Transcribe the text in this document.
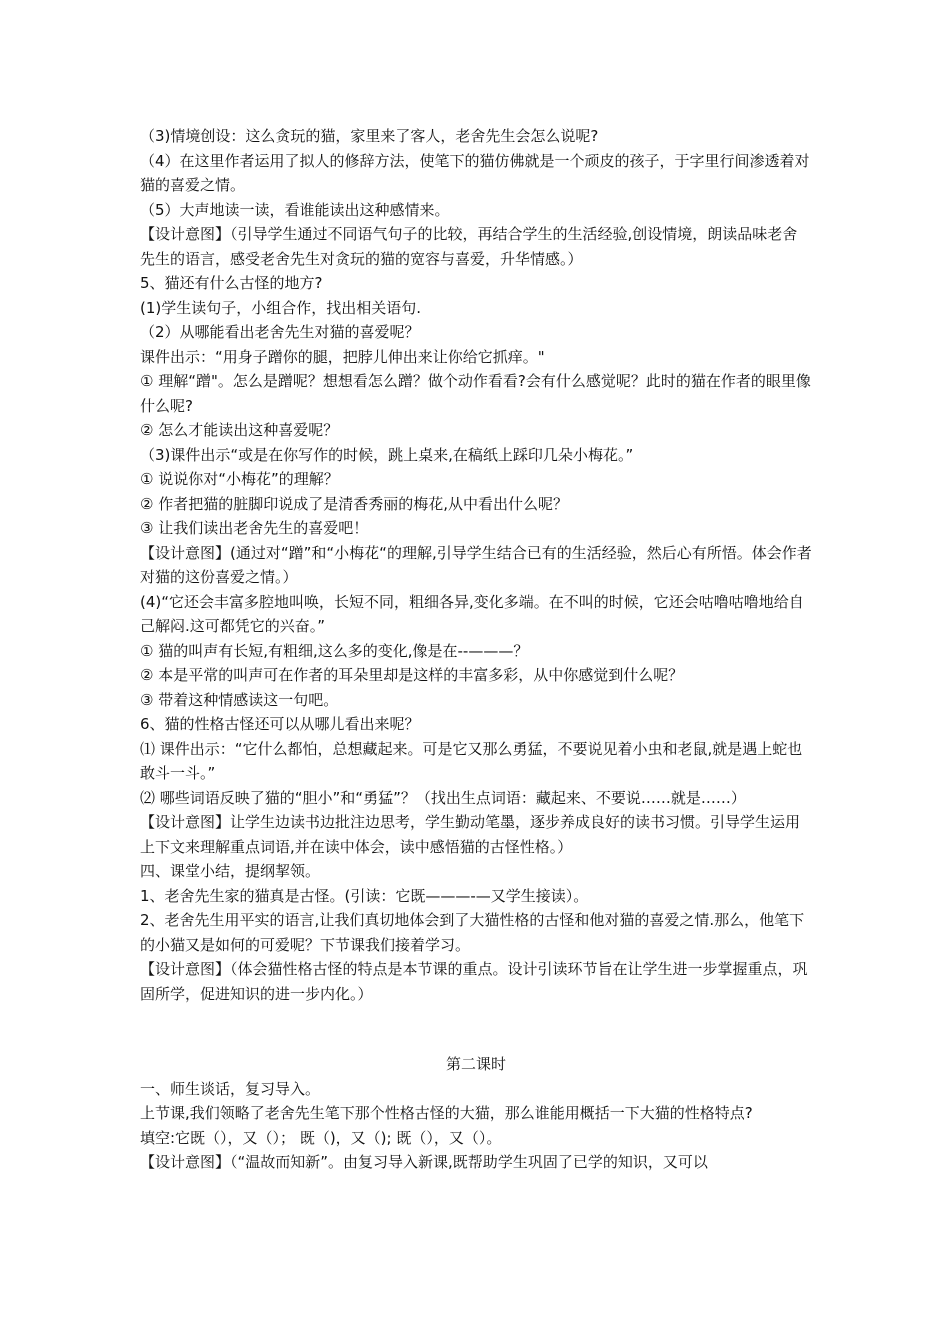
（3)情境创设：这么贪玩的猫，家里来了客人，老舍先生会怎么说呢?

（4）在这里作者运用了拟人的修辞方法，使笔下的猫仿佛就是一个顽皮的孩子，于字里行间渗透着对猫的喜爱之情。

（5）大声地读一读，看谁能读出这种感情来。

【设计意图】（引导学生通过不同语气句子的比较，再结合学生的生活经验,创设情境，朗读品味老舍先生的语言，感受老舍先生对贪玩的猫的宽容与喜爱，升华情感。）

5、猫还有什么古怪的地方?

(1)学生读句子，小组合作，找出相关语句.

（2）从哪能看出老舍先生对猫的喜爱呢？

课件出示：“用身子蹭你的腿，把脖儿伸出来让你给它抓痒。"

① 理解“蹭"。怎么是蹭呢？想想看怎么蹭？做个动作看看?会有什么感觉呢？此时的猫在作者的眼里像什么呢?

② 怎么才能读出这种喜爱呢？

（3)课件出示“或是在你写作的时候，跳上桌来,在稿纸上踩印几朵小梅花。”

① 说说你对“小梅花”的理解？

② 作者把猫的脏脚印说成了是清香秀丽的梅花,从中看出什么呢？

③ 让我们读出老舍先生的喜爱吧！

【设计意图】(通过对“蹭”和“小梅花“的理解,引导学生结合已有的生活经验，然后心有所悟。体会作者对猫的这份喜爱之情。）

(4)“它还会丰富多腔地叫唤，长短不同，粗细各异,变化多端。在不叫的时候，它还会咕噜咕噜地给自己解闷.这可都凭它的兴奋。”

① 猫的叫声有长短,有粗细,这么多的变化,像是在--———？

② 本是平常的叫声可在作者的耳朵里却是这样的丰富多彩，从中你感觉到什么呢？

③ 带着这种情感读这一句吧。

6、猫的性格古怪还可以从哪儿看出来呢？

⑴ 课件出示：“它什么都怕，总想藏起来。可是它又那么勇猛，不要说见着小虫和老鼠,就是遇上蛇也敢斗一斗。”

⑵ 哪些词语反映了猫的“胆小”和“勇猛”？（找出生点词语：藏起来、不要说……就是……）

【设计意图】让学生边读书边批注边思考，学生勤动笔墨，逐步养成良好的读书习惯。引导学生运用上下文来理解重点词语,并在读中体会，读中感悟猫的古怪性格。）

四、课堂小结，提纲挈领。

1、老舍先生家的猫真是古怪。(引读：它既———-—又学生接读）。

2、老舍先生用平实的语言,让我们真切地体会到了大猫性格的古怪和他对猫的喜爱之情.那么，他笔下的小猫又是如何的可爱呢？下节课我们接着学习。

【设计意图】（体会猫性格古怪的特点是本节课的重点。设计引读环节旨在让学生进一步掌握重点，巩固所学，促进知识的进一步内化。）

第二课时

一、师生谈话，复习导入。

上节课,我们领略了老舍先生笔下那个性格古怪的大猫，那么谁能用概括一下大猫的性格特点?

填空:它既（），又（）； 既（)，又（); 既（），又（）。

【设计意图】（“温故而知新”。由复习导入新课,既帮助学生巩固了已学的知识，又可以
